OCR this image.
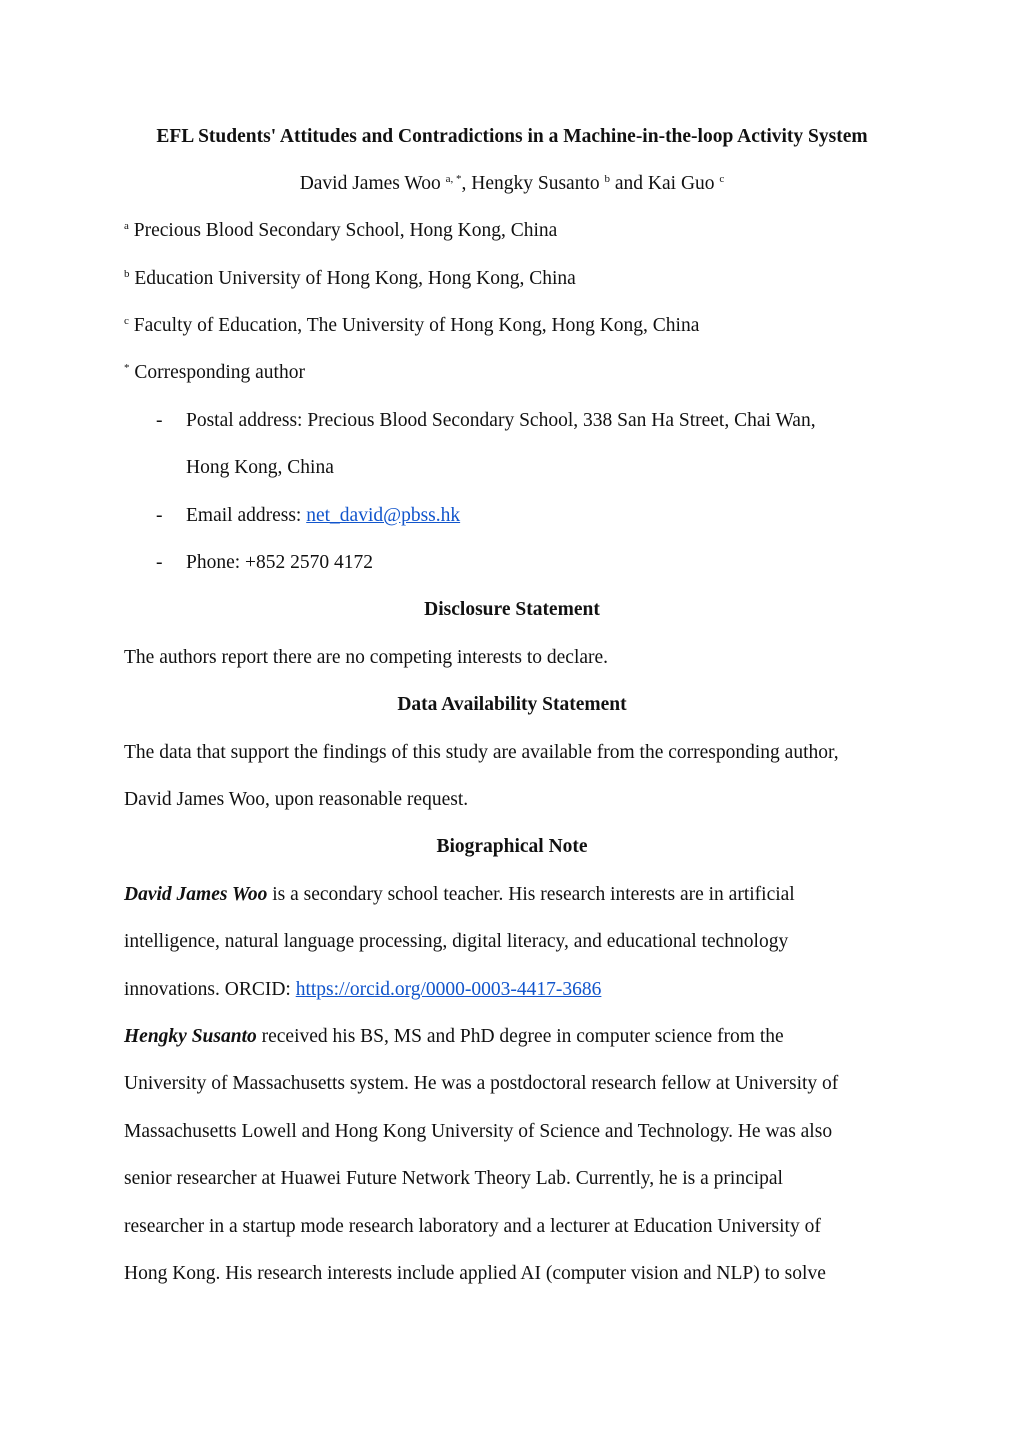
EFL Students' Attitudes and Contradictions in a Machine-in-the-loop Activity System
David James Woo $^{a, *}$, Hengky Susanto $^b$ and Kai Guo $^c$
$^a$ Precious Blood Secondary School, Hong Kong, China
$^b$ Education University of Hong Kong, Hong Kong, China
$^c$ Faculty of Education, The University of Hong Kong, Hong Kong, China
* Corresponding author
- Postal address: Precious Blood Secondary School, 338 San Ha Street, Chai Wan,
Hong Kong, China
- Email address: net_david@pbss.hk
- Phone: +852 2570 4172
Disclosure Statement
The authors report there are no competing interests to declare.
Data Availability Statement
The data that support the findings of this study are available from the corresponding author,
David James Woo, upon reasonable request.
Biographical Note
David James Woo is a secondary school teacher. His research interests are in artificial
intelligence, natural language processing, digital literacy, and educational technology
innovations. ORCID: https://orcid.org/0000-0003-4417-3686
Hengky Susanto received his BS, MS and PhD degree in computer science from the
University of Massachusetts system. He was a postdoctoral research fellow at University of
Massachusetts Lowell and Hong Kong University of Science and Technology. He was also
senior researcher at Huawei Future Network Theory Lab. Currently, he is a principal
researcher in a startup mode research laboratory and a lecturer at Education University of
Hong Kong. His research interests include applied AI (computer vision and NLP) to solve
